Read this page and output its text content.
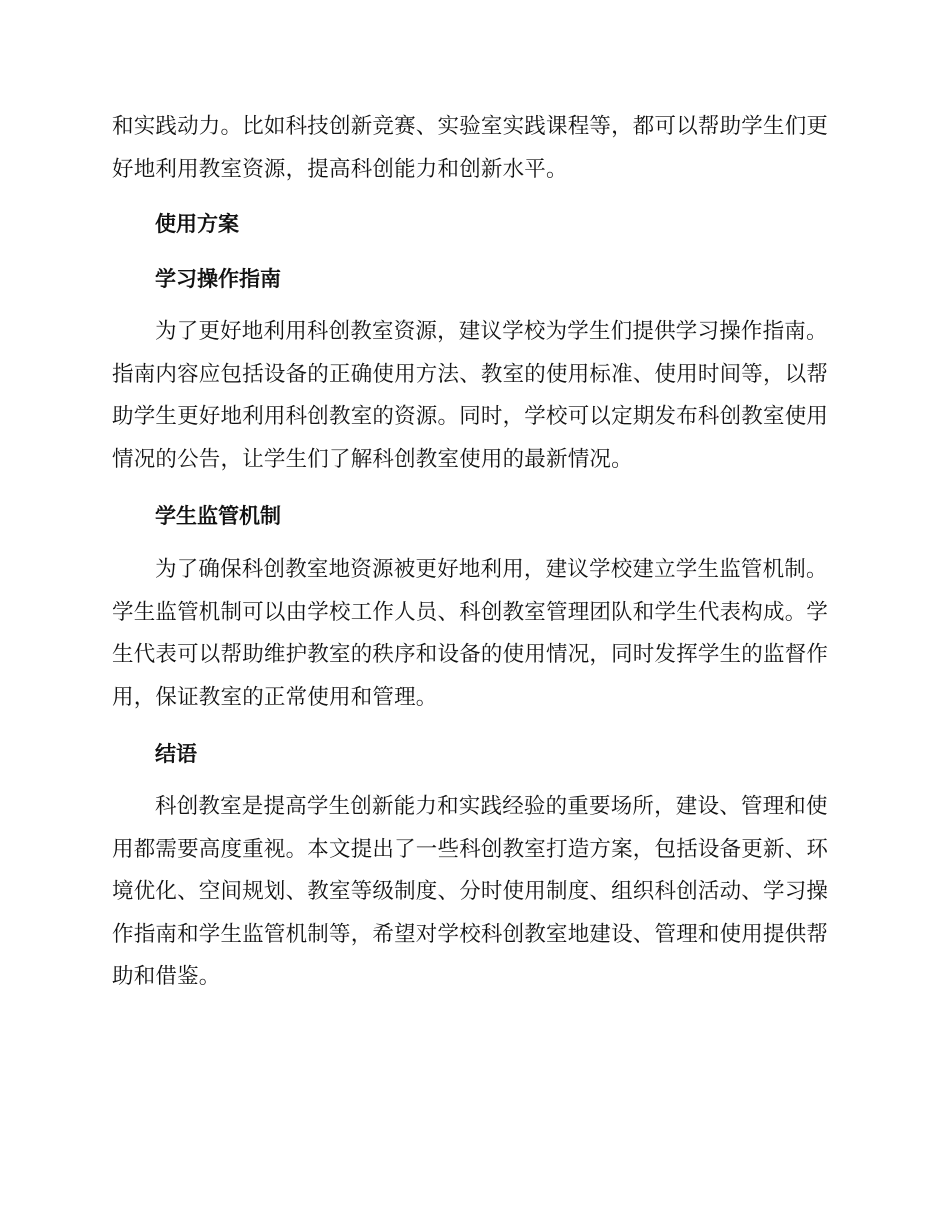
和实践动力。比如科技创新竞赛、实验室实践课程等，都可以帮助学生们更
好地利用教室资源，提高科创能力和创新水平。
使用方案
学习操作指南
为了更好地利用科创教室资源，建议学校为学生们提供学习操作指南。
指南内容应包括设备的正确使用方法、教室的使用标准、使用时间等，以帮
助学生更好地利用科创教室的资源。同时，学校可以定期发布科创教室使用
情况的公告，让学生们了解科创教室使用的最新情况。
学生监管机制
为了确保科创教室地资源被更好地利用，建议学校建立学生监管机制。
学生监管机制可以由学校工作人员、科创教室管理团队和学生代表构成。学
生代表可以帮助维护教室的秩序和设备的使用情况，同时发挥学生的监督作
用，保证教室的正常使用和管理。
结语
科创教室是提高学生创新能力和实践经验的重要场所，建设、管理和使
用都需要高度重视。本文提出了一些科创教室打造方案，包括设备更新、环
境优化、空间规划、教室等级制度、分时使用制度、组织科创活动、学习操
作指南和学生监管机制等，希望对学校科创教室地建设、管理和使用提供帮
助和借鉴。
